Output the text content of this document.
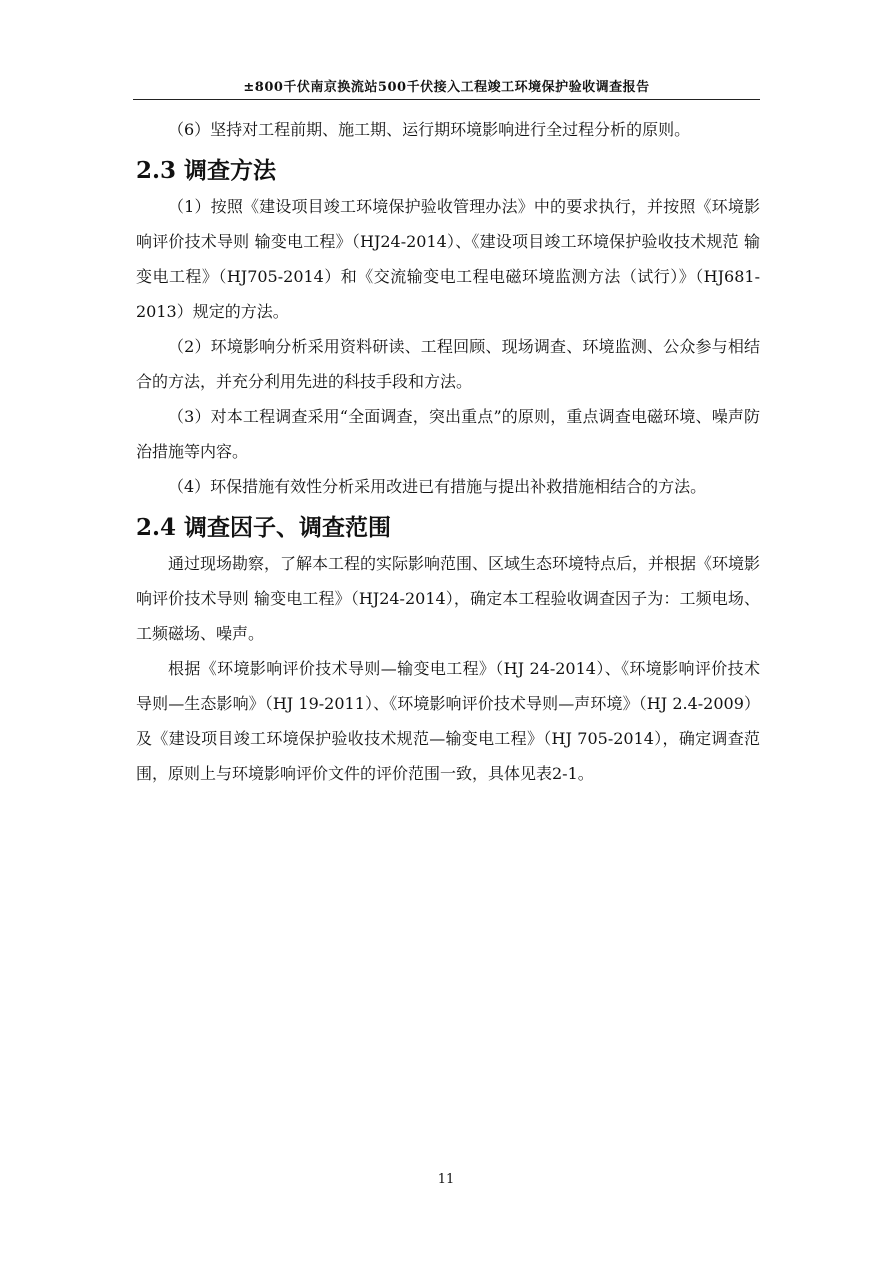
±800千伏南京换流站500千伏接入工程竣工环境保护验收调查报告

（6）坚持对工程前期、施工期、运行期环境影响进行全过程分析的原则。

2.3 调查方法

（1）按照《建设项目竣工环境保护验收管理办法》中的要求执行，并按照《环境影响评价技术导则 输变电工程》（HJ24-2014）、《建设项目竣工环境保护验收技术规范 输变电工程》（HJ705-2014）和《交流输变电工程电磁环境监测方法（试行）》（HJ681-2013）规定的方法。

（2）环境影响分析采用资料研读、工程回顾、现场调查、环境监测、公众参与相结合的方法，并充分利用先进的科技手段和方法。

（3）对本工程调查采用“全面调查，突出重点”的原则，重点调查电磁环境、噪声防治措施等内容。

（4）环保措施有效性分析采用改进已有措施与提出补救措施相结合的方法。

2.4 调查因子、调查范围

通过现场勘察，了解本工程的实际影响范围、区域生态环境特点后，并根据《环境影响评价技术导则 输变电工程》（HJ24-2014），确定本工程验收调查因子为：工频电场、工频磁场、噪声。

根据《环境影响评价技术导则—输变电工程》（HJ 24-2014）、《环境影响评价技术导则—生态影响》（HJ 19-2011）、《环境影响评价技术导则—声环境》（HJ 2.4-2009）及《建设项目竣工环境保护验收技术规范—输变电工程》（HJ 705-2014），确定调查范围，原则上与环境影响评价文件的评价范围一致，具体见表2-1。

11
